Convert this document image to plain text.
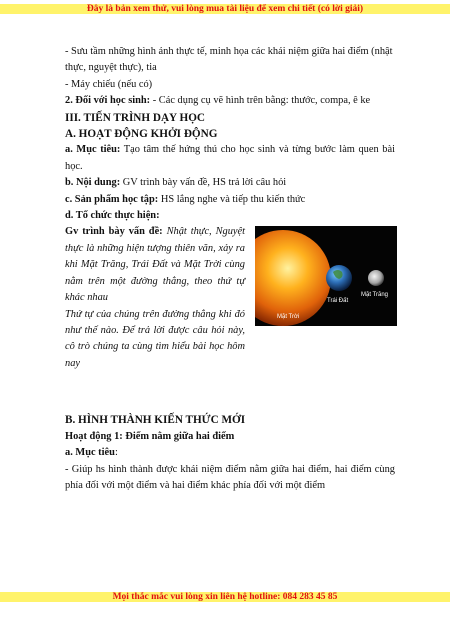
Đây là bản xem thử, vui lòng mua tài liệu để xem chi tiết (có lời giải)

- Sưu tầm những hình ảnh thực tế, minh họa các khái niệm giữa hai điểm (nhật thực, nguyệt thực), tia

- Máy chiếu (nếu có)

2. Đối với học sinh: - Các dụng cụ vẽ hình trên bằng: thước, compa, ê ke

III. TIẾN TRÌNH DẠY HỌC

A. HOẠT ĐỘNG KHỞI ĐỘNG

a. Mục tiêu: Tạo tâm thế hứng thú cho học sinh và từng bước làm quen bài học.

b. Nội dung: GV trình bày vấn đề, HS trả lời câu hỏi

c. Sản phẩm học tập: HS lắng nghe và tiếp thu kiến thức

d. Tổ chức thực hiện:

Gv trình bày vấn đề: Nhật thực, Nguyệt thực là những hiện tượng thiên văn, xảy ra khi Mặt Trăng, Trái Đất và Mặt Trời cùng nằm trên một đường thẳng, theo thứ tự khác nhau

Thứ tự của chúng trên đường thẳng khi đó như thế nào. Để trả lời được câu hỏi này, cô trò chúng ta cùng tìm hiểu bài học hôm nay

Mặt Trời
Trái Đất
Mặt Trăng

B. HÌNH THÀNH KIẾN THỨC MỚI

Hoạt động 1: Điểm nằm giữa hai điểm

a. Mục tiêu:

- Giúp hs hình thành được khái niệm điểm nằm giữa hai điểm, hai điểm cùng phía đối với một điểm và hai điểm khác phía đối với một điểm

Mọi thắc mắc vui lòng xin liên hệ hotline: 084 283 45 85
